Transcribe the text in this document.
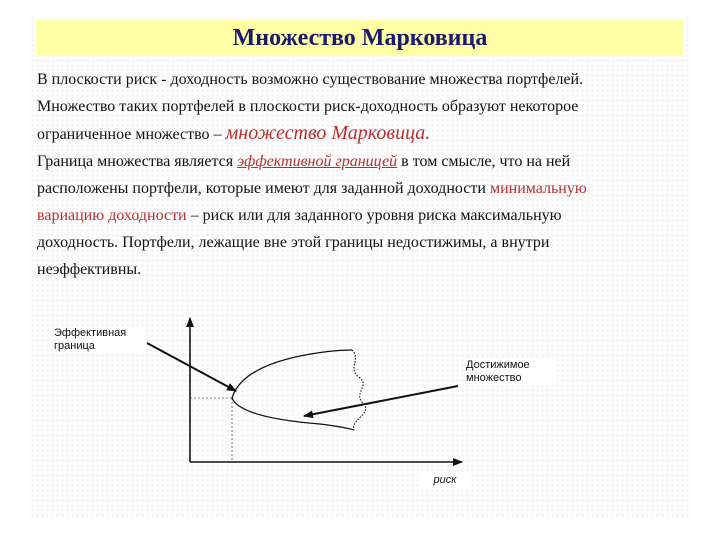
Множество Марковица

В плоскости риск - доходность возможно существование множества портфелей.

Множество таких портфелей в плоскости риск-доходность образуют некоторое

ограниченное множество – множество Марковица.

Граница множества является эффективной границей в том смысле, что на ней

расположены портфели, которые имеют для заданной доходности минимальную

вариацию доходности – риск или для заданного уровня риска максимальную

доходность. Портфели, лежащие вне этой границы недостижимы, а внутри

неэффективны.

Эффективная граница
Достижимое множество
риск
